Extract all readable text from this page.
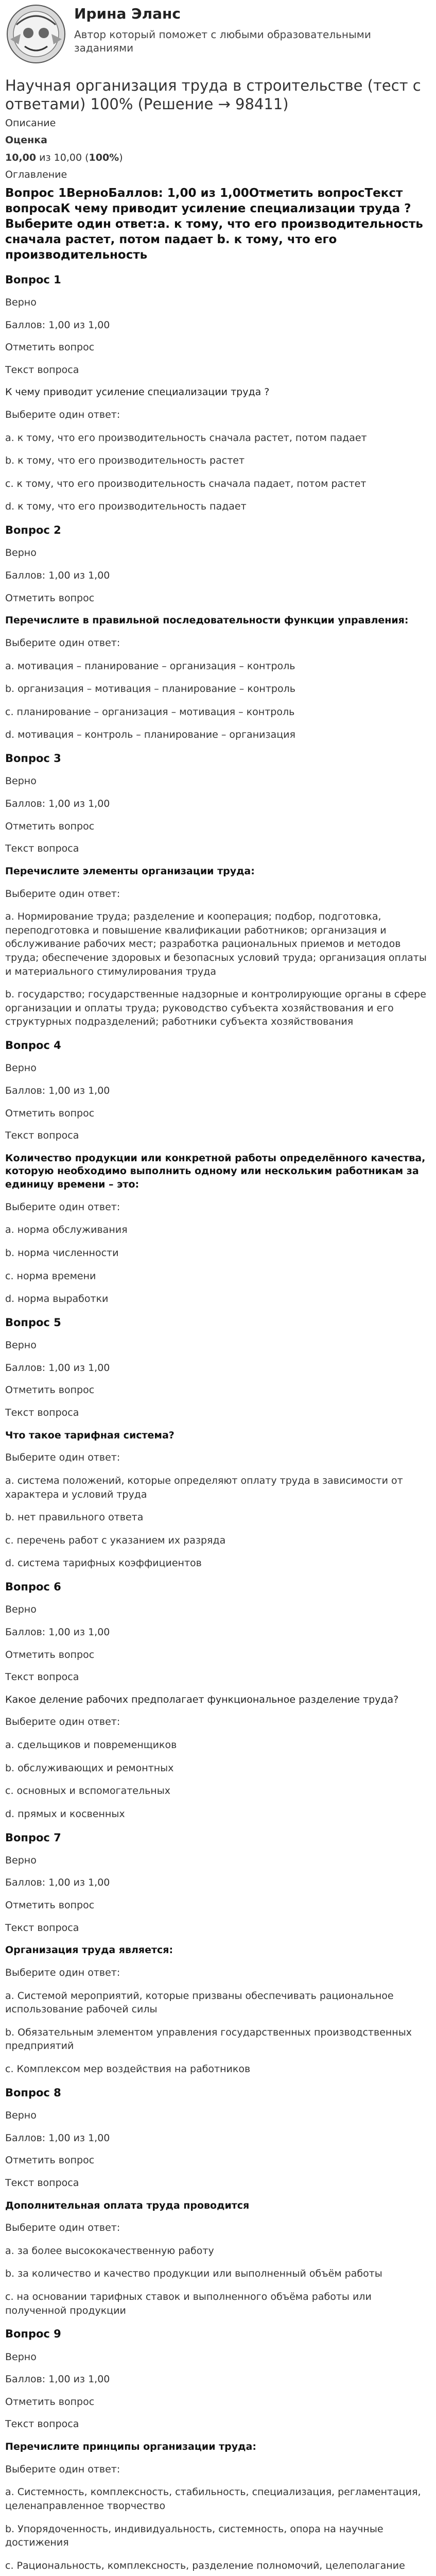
Ирина Эланс
Автор который поможет с любыми образовательными заданиями
Научная организация труда в строительстве (тест с ответами) 100% (Решение → 98411)
Описание
Оценка
10,00 из 10,00 (100%)
Оглавление
Вопрос 1ВерноБаллов: 1,00 из 1,00Отметить вопросТекст вопросаК чему приводит усиление специализации труда ?Выберите один ответ:a. к тому, что его производительность сначала растет, потом падает b. к тому, что его производительность
Вопрос 1
Верно
Баллов: 1,00 из 1,00
Отметить вопрос
Текст вопроса
К чему приводит усиление специализации труда ?
Выберите один ответ:
a. к тому, что его производительность сначала растет, потом падает
b. к тому, что его производительность растет
c. к тому, что его производительность сначала падает, потом растет
d. к тому, что его производительность падает
Вопрос 2
Верно
Баллов: 1,00 из 1,00
Отметить вопрос
Перечислите в правильной последовательности функции управления:
Выберите один ответ:
a. мотивация – планирование – организация – контроль
b. организация – мотивация – планирование – контроль
c. планирование – организация – мотивация – контроль
d. мотивация – контроль – планирование – организация
Вопрос 3
Верно
Баллов: 1,00 из 1,00
Отметить вопрос
Текст вопроса
Перечислите элементы организации труда:
Выберите один ответ:
a. Нормирование труда; разделение и кооперация; подбор, подготовка, переподготовка и повышение квалификации работников; организация и обслуживание рабочих мест; разработка рациональных приемов и методов труда; обеспечение здоровых и безопасных условий труда; организация оплаты и материального стимулирования труда
b. государство; государственные надзорные и контролирующие органы в сфере организации и оплаты труда; руководство субъекта хозяйствования и его структурных подразделений; работники субъекта хозяйствования
Вопрос 4
Верно
Баллов: 1,00 из 1,00
Отметить вопрос
Текст вопроса
Количество продукции или конкретной работы определённого качества, которую необходимо выполнить одному или нескольким работникам за единицу времени – это:
Выберите один ответ:
a. норма обслуживания
b. норма численности
c. норма времени
d. норма выработки
Вопрос 5
Верно
Баллов: 1,00 из 1,00
Отметить вопрос
Текст вопроса
Что такое тарифная система?
Выберите один ответ:
a. система положений, которые определяют оплату труда в зависимости от характера и условий труда
b. нет правильного ответа
c. перечень работ с указанием их разряда
d. система тарифных коэффициентов
Вопрос 6
Верно
Баллов: 1,00 из 1,00
Отметить вопрос
Текст вопроса
Какое деление рабочих предполагает функциональное разделение труда?
Выберите один ответ:
a. сдельщиков и повременщиков
b. обслуживающих и ремонтных
c. основных и вспомогательных
d. прямых и косвенных
Вопрос 7
Верно
Баллов: 1,00 из 1,00
Отметить вопрос
Текст вопроса
Организация труда является:
Выберите один ответ:
a. Системой мероприятий, которые призваны обеспечивать рациональное использование рабочей силы
b. Обязательным элементом управления государственных производственных предприятий
c. Комплексом мер воздействия на работников
Вопрос 8
Верно
Баллов: 1,00 из 1,00
Отметить вопрос
Текст вопроса
Дополнительная оплата труда проводится
Выберите один ответ:
a. за более высококачественную работу
b. за количество и качество продукции или выполненный объём работы
c. на основании тарифных ставок и выполненного объёма работы или полученной продукции
Вопрос 9
Верно
Баллов: 1,00 из 1,00
Отметить вопрос
Текст вопроса
Перечислите принципы организации труда:
Выберите один ответ:
a. Системность, комплексность, стабильность, специализация, регламентация, целенаправленное творчество
b. Упорядоченность, индивидуальность, системность, опора на научные достижения
c. Рациональность, комплексность, разделение полномочий, целеполагание
